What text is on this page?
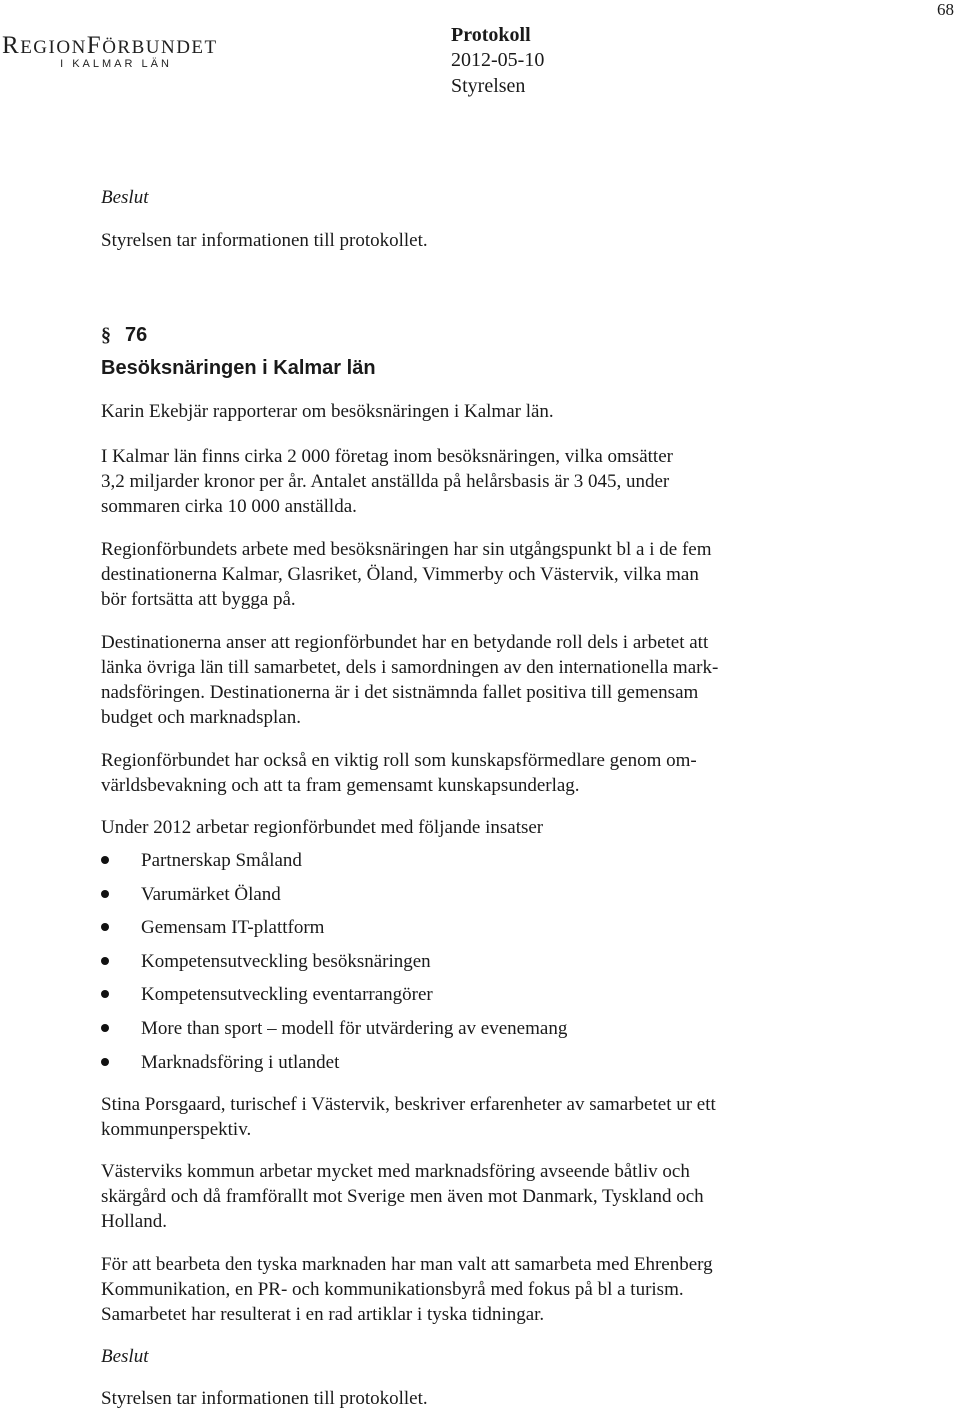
REGIONFÖRBUNDET
I KALMAR LÄN
Protokoll
2012-05-10
Styrelsen
68

Beslut

Styrelsen tar informationen till protokollet.

§ 76
Besöksnäringen i Kalmar län

Karin Ekebjär rapporterar om besöksnäringen i Kalmar län.

I Kalmar län finns cirka 2 000 företag inom besöksnäringen, vilka omsätter

3,2 miljarder kronor per år. Antalet anställda på helårsbasis är 3 045, under

sommaren cirka 10 000 anställda.

Regionförbundets arbete med besöksnäringen har sin utgångspunkt bl a i de fem

destinationerna Kalmar, Glasriket, Öland, Vimmerby och Västervik, vilka man

bör fortsätta att bygga på.

Destinationerna anser att regionförbundet har en betydande roll dels i arbetet att

länka övriga län till samarbetet, dels i samordningen av den internationella mark-

nadsföringen. Destinationerna är i det sistnämnda fallet positiva till gemensam

budget och marknadsplan.

Regionförbundet har också en viktig roll som kunskapsförmedlare genom om-

världsbevakning och att ta fram gemensamt kunskapsunderlag.

Under 2012 arbetar regionförbundet med följande insatser

Partnerskap Småland
Varumärket Öland
Gemensam IT-plattform
Kompetensutveckling besöksnäringen
Kompetensutveckling eventarrangörer
More than sport – modell för utvärdering av evenemang
Marknadsföring i utlandet

Stina Porsgaard, turischef i Västervik, beskriver erfarenheter av samarbetet ur ett

kommunperspektiv.

Västerviks kommun arbetar mycket med marknadsföring avseende båtliv och

skärgård och då framförallt mot Sverige men även mot Danmark, Tyskland och

Holland.

För att bearbeta den tyska marknaden har man valt att samarbeta med Ehrenberg

Kommunikation, en PR- och kommunikationsbyrå med fokus på bl a turism.

Samarbetet har resulterat i en rad artiklar i tyska tidningar.

Beslut

Styrelsen tar informationen till protokollet.
